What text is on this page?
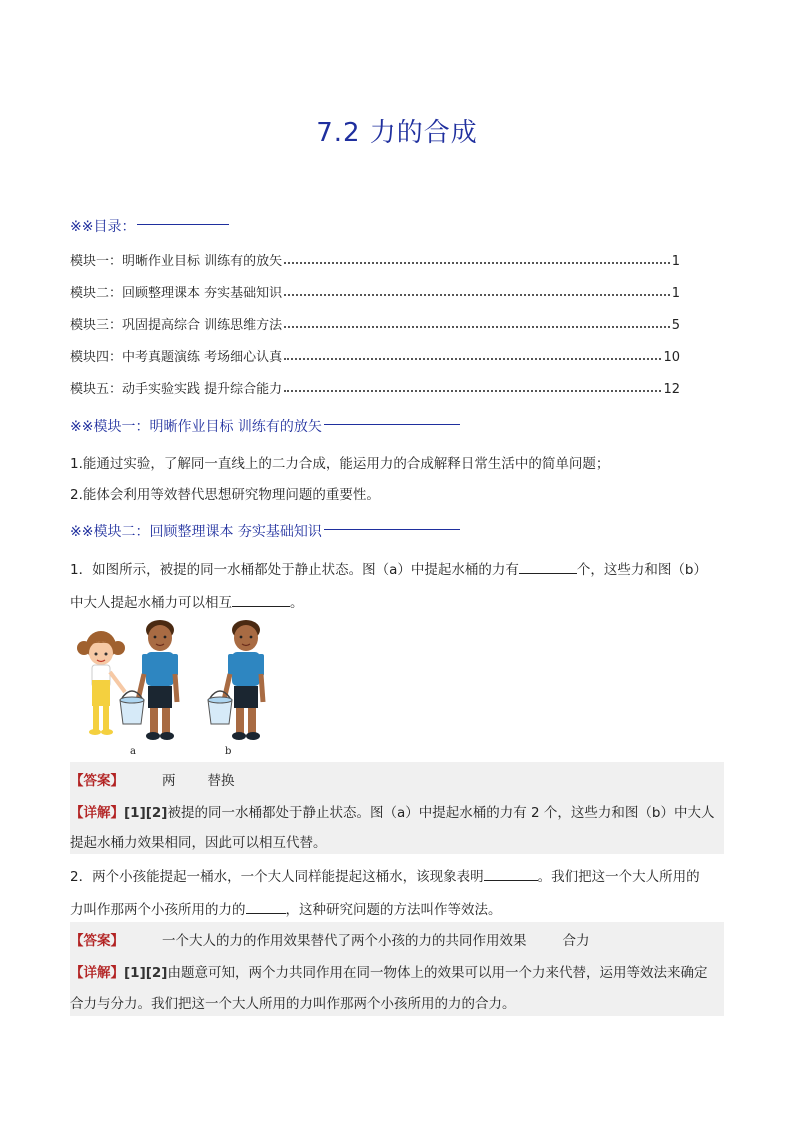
7.2 力的合成
※※目录：
模块一：明晰作业目标 训练有的放矢	1
模块二：回顾整理课本 夯实基础知识	1
模块三：巩固提高综合 训练思维方法	5
模块四：中考真题演练 考场细心认真	10
模块五：动手实验实践 提升综合能力	12
※※模块一：明晰作业目标 训练有的放矢
1.能通过实验，了解同一直线上的二力合成，能运用力的合成解释日常生活中的简单问题；
2.能体会利用等效替代思想研究物理问题的重要性。
※※模块二：回顾整理课本 夯实基础知识
1．如图所示，被提的同一水桶都处于静止状态。图（a）中提起水桶的力有	个，这些力和图（b）
中大人提起水桶力可以相互	。
a	b
【答案】	两 替换
【详解】[1][2]被提的同一水桶都处于静止状态。图（a）中提起水桶的力有 2 个，这些力和图（b）中大人
提起水桶力效果相同，因此可以相互代替。
2．两个小孩能提起一桶水，一个大人同样能提起这桶水，该现象表明	。我们把这一个大人所用的
力叫作那两个小孩所用的力的	，这种研究问题的方法叫作等效法。
【答案】	一个大人的力的作用效果替代了两个小孩的力的共同作用效果	合力
【详解】[1][2]由题意可知，两个力共同作用在同一物体上的效果可以用一个力来代替，运用等效法来确定
合力与分力。我们把这一个大人所用的力叫作那两个小孩所用的力的合力。
